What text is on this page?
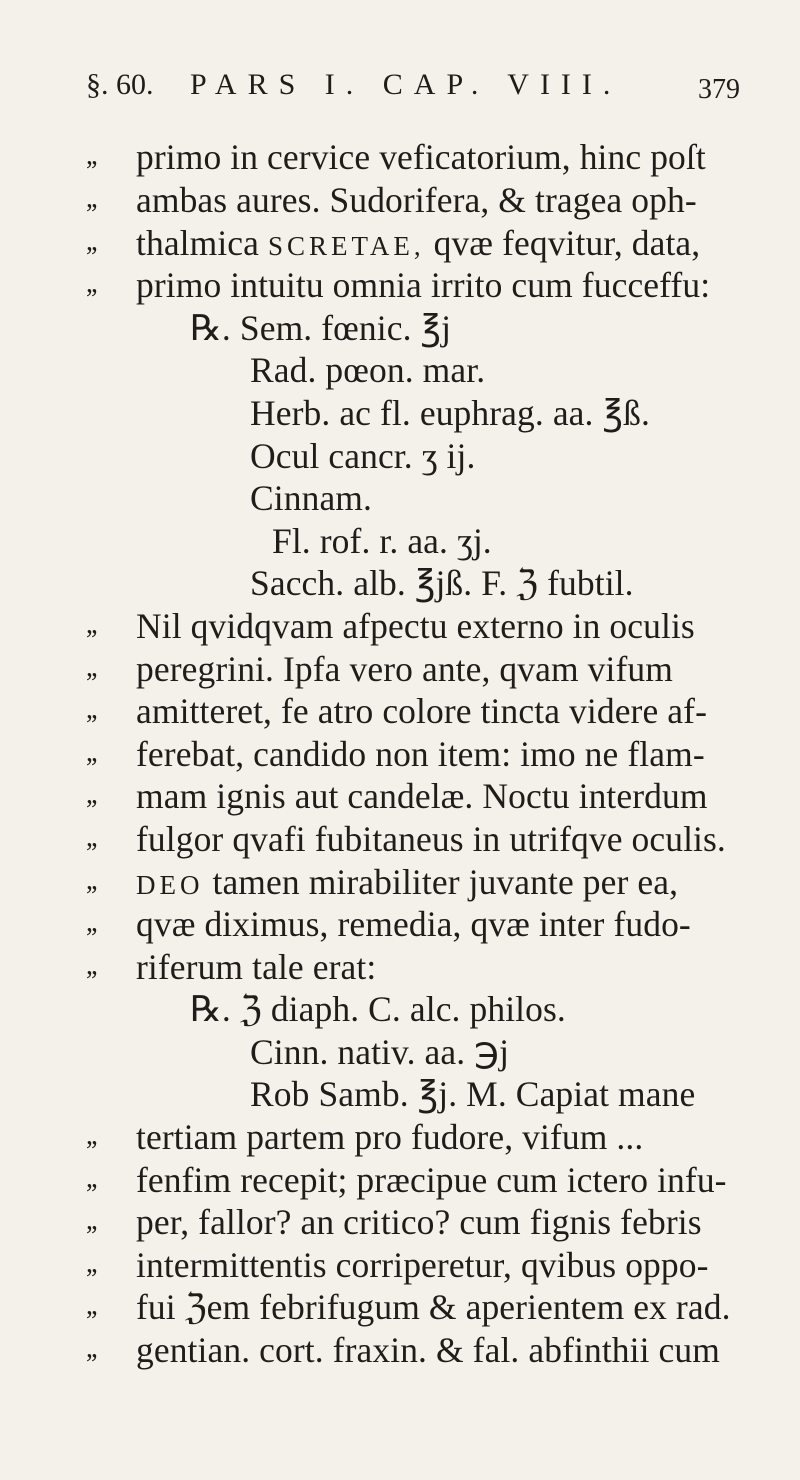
§. 60. PARS I. CAP. VIII.	379
,, primo in cervice veficatorium, hinc poſt
,, ambas aures. Sudorifera, & tragea oph-
,, thalmica SCRETAE, qvæ feqvitur, data,
,, primo intuitu omnia irrito cum fucceffu:
℞. Sem. fœnic. ℥j
Rad. pœon. mar.
Herb. ac fl. euphrag. aa. ℥ß.
Ocul cancr. ʒ ij.
Cinnam.
Fl. rof. r. aa. ʒj.
Sacch. alb. ℥jß. F. ℨ fubtil.
,, Nil qvidqvam afpectu externo in oculis
,, peregrini. Ipfa vero ante, qvam vifum
,, amitteret, fe atro colore tincta videre af-
,, ferebat, candido non item: imo ne flam-
,, mam ignis aut candelæ. Noctu interdum
,, fulgor qvafi fubitaneus in utrifqve oculis.
,, DEO tamen mirabiliter juvante per ea,
,, qvæ diximus, remedia, qvæ inter fudo-
,, riferum tale erat:
℞. ℨ diaph. C. alc. philos.
Cinn. nativ. aa. ℈j
Rob Samb. ℥j. M. Capiat mane
,, tertiam partem pro fudore, vifum ...
,, fenfim recepit; præcipue cum ictero infu-
,, per, fallor? an critico? cum fignis febris
,, intermittentis corriperetur, qvibus oppo-
,, fui ℨem febrifugum & aperientem ex rad.
,, gentian. cort. fraxin. & fal. abfinthii cum
